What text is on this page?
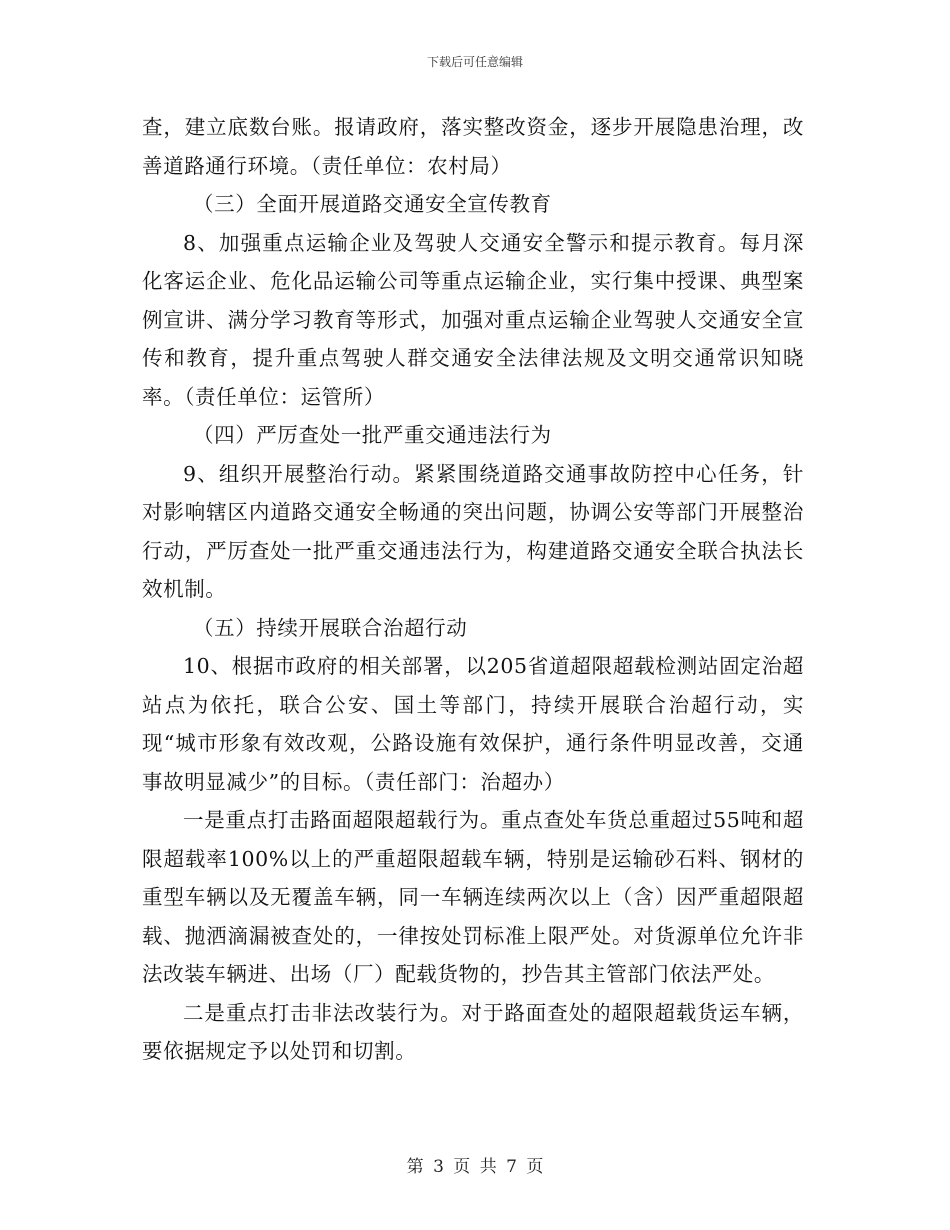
下载后可任意编辑

查，建立底数台账。报请政府，落实整改资金，逐步开展隐患治理，改善道路通行环境。（责任单位：农村局）

（三）全面开展道路交通安全宣传教育

8、加强重点运输企业及驾驶人交通安全警示和提示教育。每月深化客运企业、危化品运输公司等重点运输企业，实行集中授课、典型案例宣讲、满分学习教育等形式，加强对重点运输企业驾驶人交通安全宣传和教育，提升重点驾驶人群交通安全法律法规及文明交通常识知晓率。（责任单位：运管所）

（四）严厉查处一批严重交通违法行为

9、组织开展整治行动。紧紧围绕道路交通事故防控中心任务，针对影响辖区内道路交通安全畅通的突出问题，协调公安等部门开展整治行动，严厉查处一批严重交通违法行为，构建道路交通安全联合执法长效机制。

（五）持续开展联合治超行动

10、根据市政府的相关部署，以205省道超限超载检测站固定治超站点为依托，联合公安、国土等部门，持续开展联合治超行动，实现“城市形象有效改观，公路设施有效保护，通行条件明显改善，交通事故明显减少”的目标。（责任部门：治超办）

一是重点打击路面超限超载行为。重点查处车货总重超过55吨和超限超载率100%以上的严重超限超载车辆，特别是运输砂石料、钢材的重型车辆以及无覆盖车辆，同一车辆连续两次以上（含）因严重超限超载、抛洒滴漏被查处的，一律按处罚标准上限严处。对货源单位允许非法改装车辆进、出场（厂）配载货物的，抄告其主管部门依法严处。

二是重点打击非法改装行为。对于路面查处的超限超载货运车辆，要依据规定予以处罚和切割。

第 3 页 共 7 页
